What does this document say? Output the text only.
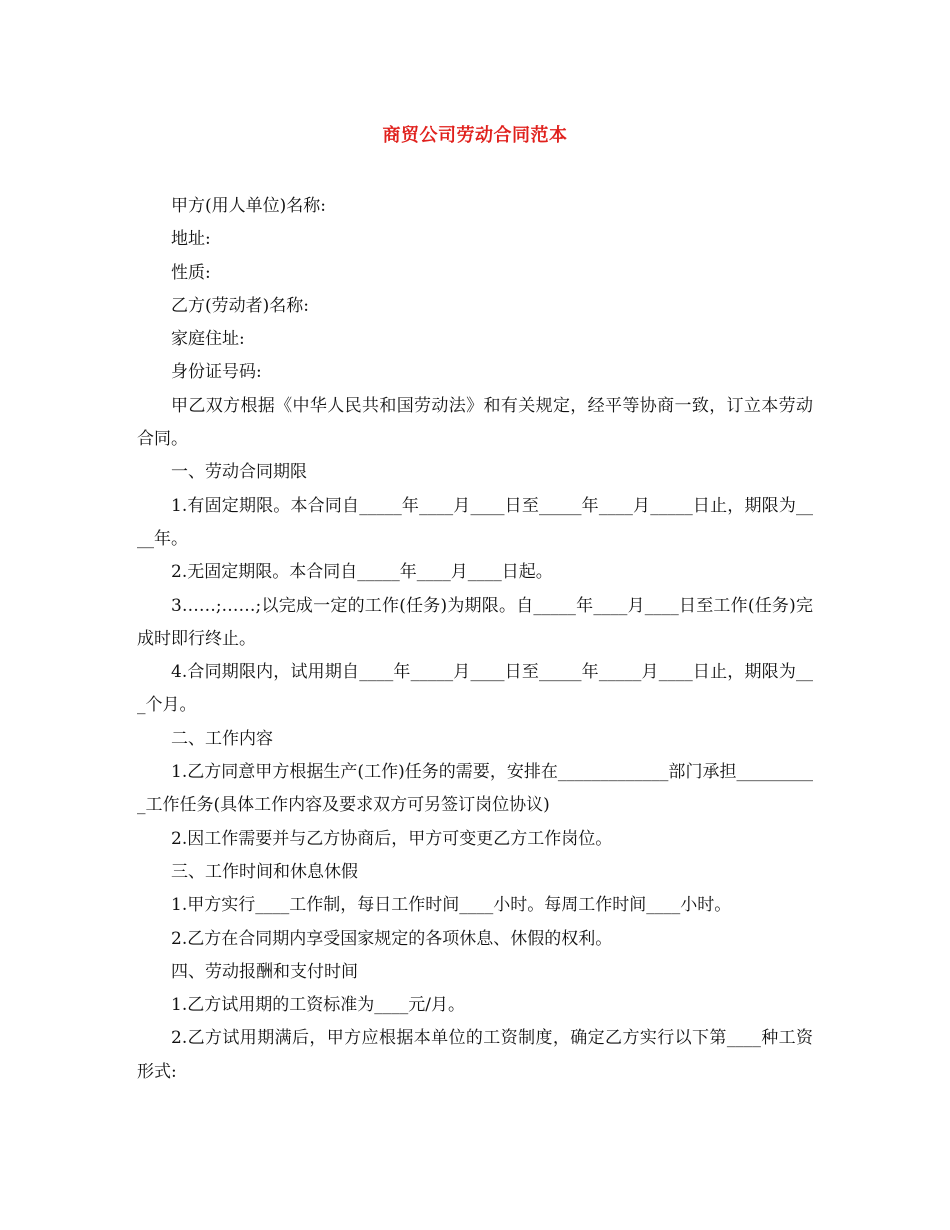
商贸公司劳动合同范本

甲方(用人单位)名称:

地址:

性质:

乙方(劳动者)名称:

家庭住址:

身份证号码:

甲乙双方根据《中华人民共和国劳动法》和有关规定，经平等协商一致，订立本劳动合同。

一、劳动合同期限

1.有固定期限。本合同自_____年____月____日至_____年____月_____日止，期限为____年。

2.无固定期限。本合同自_____年____月____日起。

3……;……;以完成一定的工作(任务)为期限。自_____年____月____日至工作(任务)完成时即行终止。

4.合同期限内，试用期自____年_____月____日至_____年_____月____日止，期限为___个月。

二、工作内容

1.乙方同意甲方根据生产(工作)任务的需要，安排在_____________部门承担__________工作任务(具体工作内容及要求双方可另签订岗位协议)

2.因工作需要并与乙方协商后，甲方可变更乙方工作岗位。

三、工作时间和休息休假

1.甲方实行____工作制，每日工作时间____小时。每周工作时间____小时。

2.乙方在合同期内享受国家规定的各项休息、休假的权利。

四、劳动报酬和支付时间

1.乙方试用期的工资标准为____元/月。

2.乙方试用期满后，甲方应根据本单位的工资制度，确定乙方实行以下第____种工资形式:
